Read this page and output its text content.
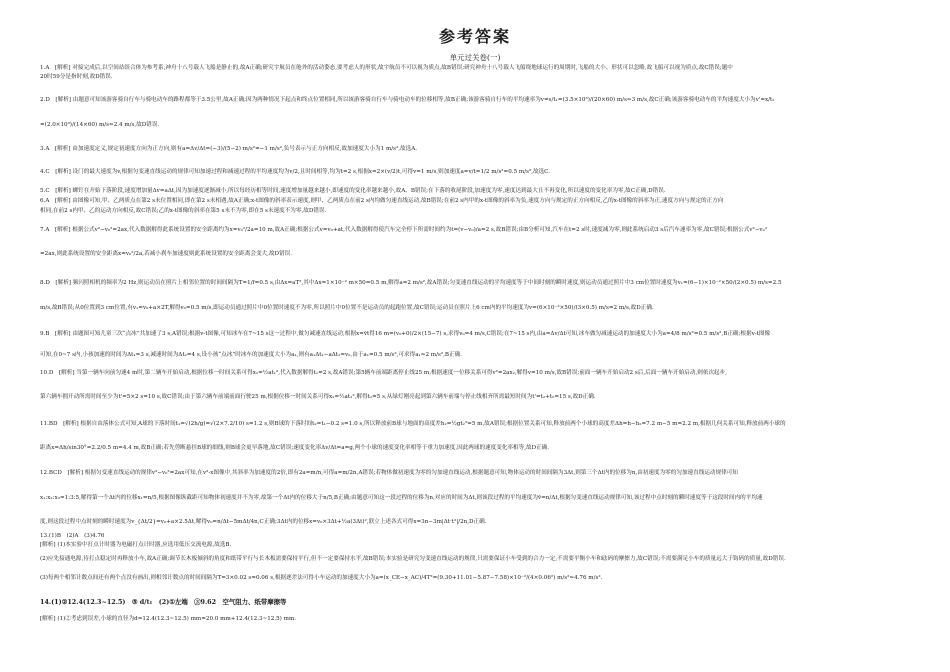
参考答案
单元过关卷(一)
1.A　[解析] 对接完成后,以空间站组合体为参考系,神舟十八号载人飞船是静止的,故A正确;研究宇航员在舱外的活动姿态,要考虑人的形状,故宇航员不可以视为质点,故B错误;研究神舟十八号载人飞船绕地球运行的周期时,飞船的大小、形状可以忽略,故飞船可以视为质点,故C错误;题中
20时59分是指时刻,故D错误.
2.D　[解析] 由题意可知该游客骑自行车与骑电动车的路程都等于3.5公里,故A正确;因为两种情况下起点和终点位置相同,所以该游客骑自行车与骑电动车的位移相等,故B正确;该游客骑自行车的平均速率为v=s/t₁=(3.5×10³)/(20×60) m/s≈3 m/s,故C正确;该游客骑电动车的平均速度大小为v'=x/t₂
=(2.0×10³)/(14×60) m/s≈2.4 m/s,故D错误.
3.A　[解析] 由加速度定义,规定初速度方向为正方向,则有a=Δv/Δt=(−3)/(5−2) m/s²=−1 m/s²,负号表示与正方向相反,故加速度大小为1 m/s²,故选A.
4.C　[解析] 设门的最大速度为v,根据匀变速直线运动的规律可知加速过程和减速过程的平均速度均为v/2,且时间相等,均为t=2 s,根据x=2×(v/2)t,可得v=1 m/s,则加速度a=v/t=1/2 m/s²=0.5 m/s²,故选C.
5.C　[解析] 螺钉在开始下落阶段,速度增加量Δv=aΔt,因为加速度逐渐减小,所以每经历相等时间,速度增加量越来越小,即速度的变化率越来越小,故A、B错误;在下落的收尾阶段,加速度为零,速度达到最大且不再变化,所以速度的变化率为零,故C正确,D错误.
6.A　[解析] 由图像可知,甲、乙两质点在第2 s末位置相同,即在第2 s末相遇,故A正确;x-t图像的斜率表示速度,则甲、乙两质点在前2 s内均做匀速直线运动,故B错误;在前2 s内甲的x-t图像的斜率为负,速度方向与规定的正方向相反,乙的x-t图像的斜率为正,速度方向与规定的正方向
相同,在前2 s内甲、乙的运动方向相反,故C错误;乙的x-t图像的斜率在第5 s末不为零,即在5 s末速度不为零,故D错误.
7.A　[解析] 根据公式v²−v₀²=2ax,代入数据解得此系统设置的安全距离约为x=v₀²/2a=10 m,故A正确;根据公式v=v₀+at,代入数据解得使汽车完全停下所需时间约为t=(v−v₀)/a=2 s,故B错误;由B分析可知,汽车在t=2 s时,速度减为零,则此系统启动3 s后汽车速率为零,故C错误;根据公式v²−v₀²
=2ax,则此系统设置的安全距离x=v₀²/2a,若减小刹车加速度则此系统设置的安全距离会变大,故D错误.
8.D　[解析] 频闪照相机的频率为2 Hz,则运动员在照片上相邻位置的时间间隔为T=1/f=0.5 s,由Δx=aT²,其中Δx=1×10⁻² m×50=0.5 m,解得a=2 m/s²,故A错误;匀变速直线运动的平均速度等于中间时刻的瞬时速度,则运动员通过照片中3 cm位置时速度为v₁=(6−1)×10⁻²×50/(2×0.5) m/s=2.5
m/s,故B错误;从0位置到3 cm位置,有v₁=v₀+a×2T,解得v₀=0.5 m/s,即运动员通过照片中0位置时速度不为零,所以照片中0位置不是运动员的起跑位置,故C错误;运动员在照片上6 cm内的平均速度为v=(6×10⁻²×50)/(3×0.5) m/s=2 m/s,故D正确.
9.B　[解析] 由题图可知儿童三次“点冰”共加速了3 s,A错误;根据v-t图像,可知冰车在7~15 s这一过程中,做匀减速直线运动,根据x=v̄t得16 m=(v₀+0)/2×(15−7) s,求得v₀=4 m/s,C错误;在7~15 s内,由a=Δv/Δt可知,冰车做匀减速运动的加速度大小为a=4/8 m/s²=0.5 m/s²,B正确;根据v-t图像
可知,在0~7 s内,小孩加速的时间为Δt₁=3 s,减速时间为Δt₂=4 s,设小孩“点冰”时冰车的加速度大小为a₁,则有a₁Δt₁−aΔt₂=v₀,由于a₁=0.5 m/s²,可求得a₁≈2 m/s²,B正确.
10.D　[解析] 当第一辆车向前匀速4 m时,第二辆车开始启动,根据位移一时间关系可得x₁=½at₁²,代入数据解得t₁=2 s,故A错误;第5辆车前端距离停止线25 m,根据速度一位移关系可得v²=2ax₂,解得v=10 m/s,故B错误;前面一辆车开始启动2 s后,后面一辆车开始启动,则依次起步,
第六辆车拥开动所需时间至少为t'=5×2 s=10 s,故C错误;由于第六辆车前端前面行驶25 m,根据位移一时间关系可得x₂=½at₂²,解得t₂=5 s,从绿灯刚亮起到第六辆车前端与停止线相齐所需最短时间为t'=t₂+t₅=15 s,故D正确.
11.BD　[解析] 根据自由落体公式可知,A球的下落时间t₁=√(2h/g)=√(2×7.2/10) s=1.2 s,则B球的下落时间t₂=t₁−0.2 s=1.0 s,所以释放前B球与地面的高度差h₂=½gt₂²=5 m,故A错误;根据位置关系可知,释放前两个小球的高度差Δh=h−h₂=7.2 m−5 m=2.2 m,根据几何关系可知,释放前两小球的
距离x=Δh/sin30°=2.2/0.5 m=4.4 m,故B正确;若先剪断悬挂B球的细线,则B球会更早落地,故C错误;速度变化率Δv/Δt=a=g,两个小球的速度变化率相等于重力加速度,因此两球的速度变化率相等,故D正确.
12.BCD　[解析] 根据匀变速直线运动的规律v²−v₀²=2ax可知,在v²-x图像中,其斜率为加速度的2倍,即有2a=m/n,可得a=m/2n,A错误;若物体做初速度为零的匀加速直线运动,根据题意可知,物体运动的时间间隔为3Δt,则第三个Δt内的位移为n,由初速度为零的匀加速直线运动规律可知
x₁:x₂:x₃=1:3:5,解得第一个Δt内的位移x₁=n/5,根据图像纵截距可知物体初速度并不为零,故第一个Δt内的位移大于n/5,B正确;由题意可知这一段过程的位移为n,对应的时间为Δt,则该段过程的平均速度为v̄=n/Δt,根据匀变速直线运动规律可知,该过程中点时刻的瞬时速度等于这段时间内的平均速
度,则这段过程中点时刻的瞬时速度为v_{Δt/2}=v₀+a×2.5Δt,解得v₀=n/Δt−5mΔt/4n,C正确;3Δt内的位移x=v₀×3Δt+½a(3Δt)²,联立上述各式可得x=3n−3m|Δt·t²|/2n,D正确.
13.(1)B　(2)A　(3)4.76
[解析] (1)本实验中打点计时器为电磁打点计时器,应选用低压交流电源,故选B.
(2)应先接通电源,待打点稳定时再释放小车,故A正确;调节长木板倾斜的角度和纸带平行与长木板需要保持平行,但不一定要保持水平,故B错误;本实验是研究匀变速直线运动的规律,只需要保证小车受到的合力一定,不需要平衡小车和砝码的摩擦力,故C错误;不需要满足小车的质量远大于钩码的质量,故D错误.
(3)每两个相邻计数点间还有两个点没有画出,则相邻计数点的时间间隔为T=3×0.02 s=0.06 s,根据逐差法可得小车运动的加速度大小为a=(x_CE−x_AC)/4T²=(9.30+11.01−5.87−7.58)×10⁻²/(4×0.06²) m/s²≈4.76 m/s².
14.(1)②12.4(12.3~12.5)　⑤ d/t₁　(2)①左端　③9.62　空气阻力、纸带摩擦等
[解析] (1)②考虑到误差,小球的直径为d=12.4(12.3~12.5) mm=20.0 mm+12.4(12.3~12.5) mm.
